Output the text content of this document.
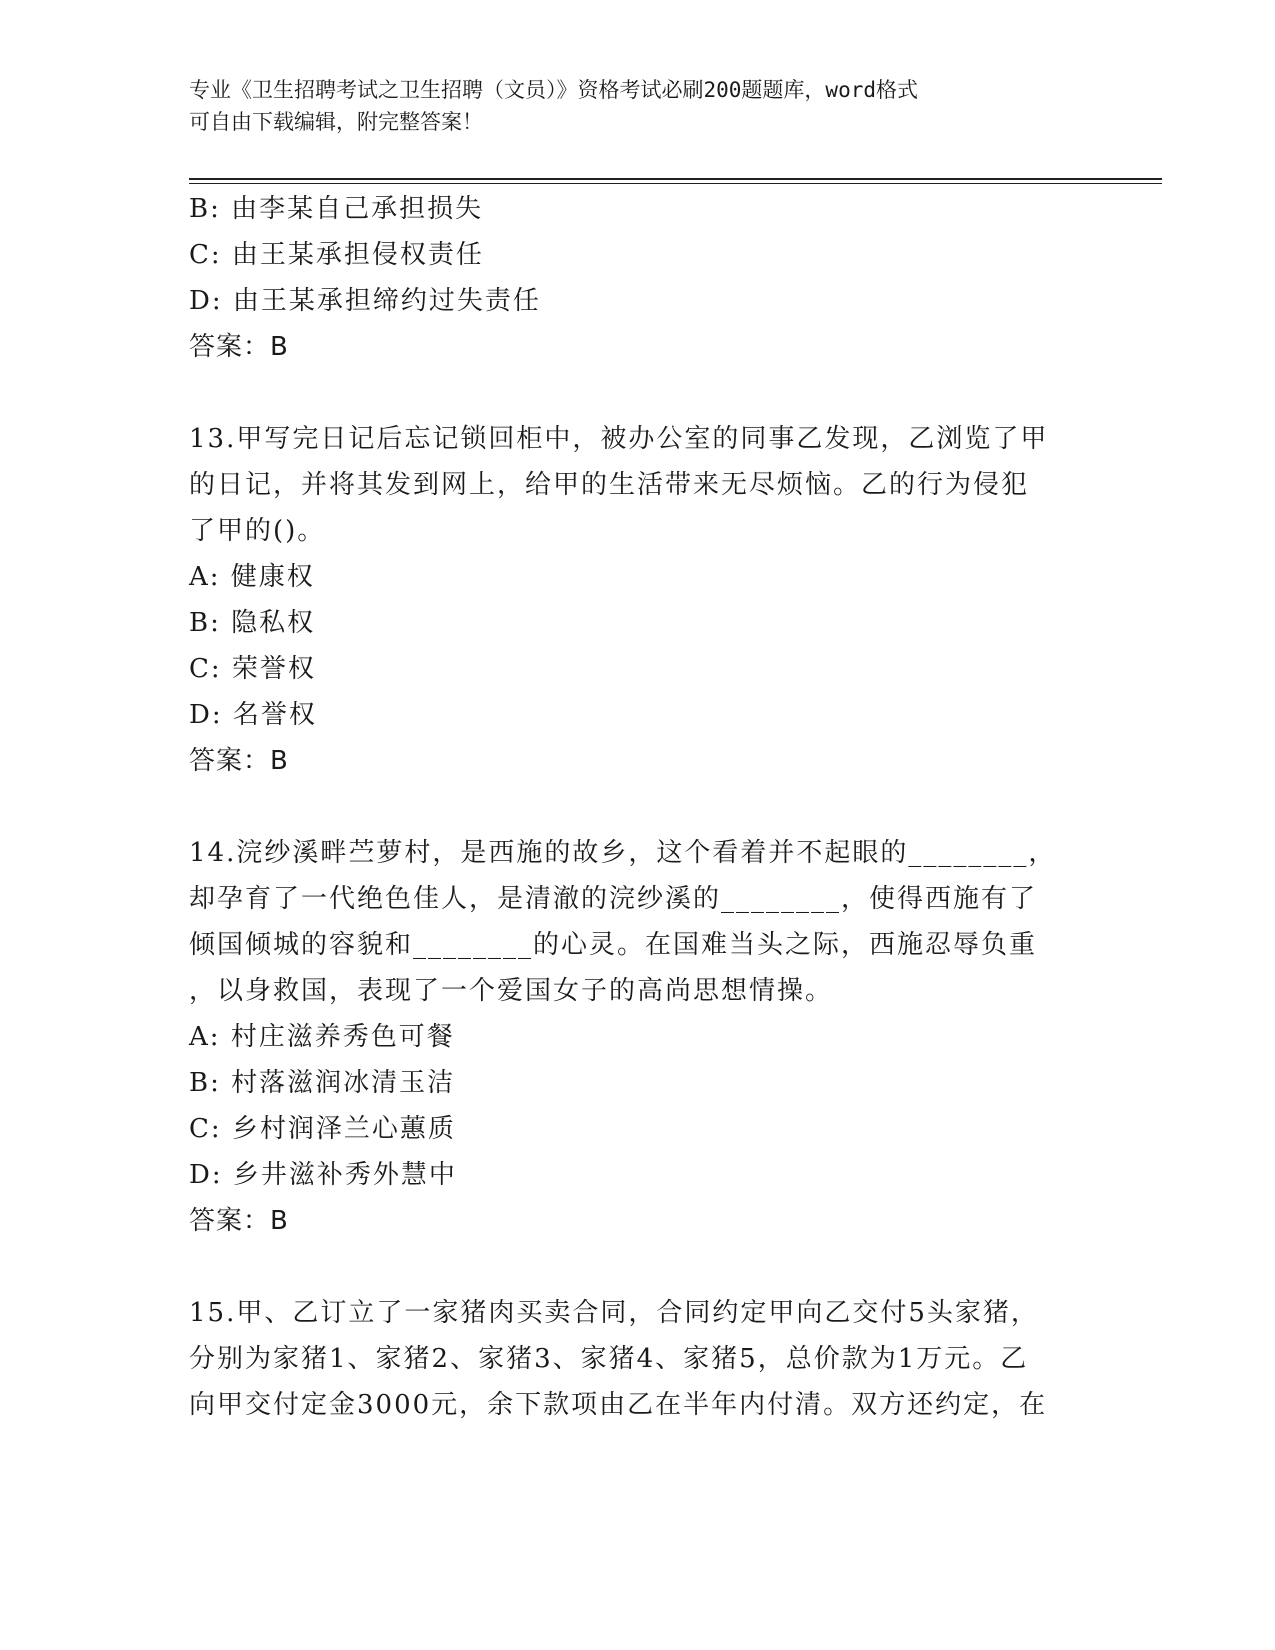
专业《卫生招聘考试之卫生招聘（文员）》资格考试必刷200题题库，word格式
可自由下载编辑，附完整答案！
B: 由李某自己承担损失
C: 由王某承担侵权责任
D: 由王某承担缔约过失责任
答案：B
13.甲写完日记后忘记锁回柜中，被办公室的同事乙发现，乙浏览了甲
的日记，并将其发到网上，给甲的生活带来无尽烦恼。乙的行为侵犯
了甲的()。
A: 健康权
B: 隐私权
C: 荣誉权
D: 名誉权
答案：B
14.浣纱溪畔苎萝村，是西施的故乡，这个看着并不起眼的________，
却孕育了一代绝色佳人，是清澈的浣纱溪的________，使得西施有了
倾国倾城的容貌和________的心灵。在国难当头之际，西施忍辱负重
，以身救国，表现了一个爱国女子的高尚思想情操。
A: 村庄滋养秀色可餐
B: 村落滋润冰清玉洁
C: 乡村润泽兰心蕙质
D: 乡井滋补秀外慧中
答案：B
15.甲、乙订立了一家猪肉买卖合同，合同约定甲向乙交付5头家猪，
分别为家猪1、家猪2、家猪3、家猪4、家猪5，总价款为1万元。乙
向甲交付定金3000元，余下款项由乙在半年内付清。双方还约定，在
